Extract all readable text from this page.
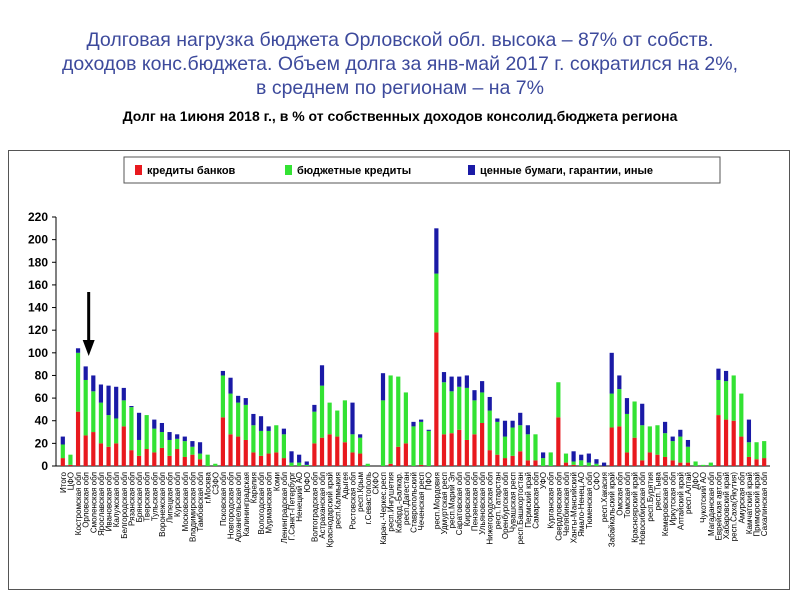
Долговая нагрузка бюджета Орловской обл. высока – 87% от собств.
доходов конс.бюджета. Объем долга за янв-май 2017 г. сократился на 2%,
в среднем по регионам – на 7%
Долг на 1июня 2018 г., в % от собственных доходов консолид.бюджета региона
кредиты банков	бюджетные кредиты	ценные бумаги, гарантии, иные
0
20
40
60
80
100
120
140
160
180
200
220
Итого
ЦФО
Костромская обл
Орловская обл
Смоленская обл
Ярославская обл
Ивановская обл
Калужская обл
Белгородская обл
Рязанская обл
Брянская обл
Тверская обл
Тульская обл
Воронежская обл
Липецкая обл
Курская обл
Московская обл
Владимирская обл
Тамбовская обл
г.Москва
СЗФО
Псковская обл
Новгородская обл
Архангельская обл
Калининградская
Карелия
Вологодская обл
Мурманская обл
Коми
Ленинградская обл
Г.Санкт-Петербург
Ненецкий АО
ЮФО
Волгоградская обл
Астраханская обл
Краснодарский край
респ.Калмыкия
Адыгея
Ростовская обл
респ.Крым
г.Севастополь
СКФО
Карач.-Черкес.респ
респ.Ингушетия
Кабард.-Балкар.
респ.Дагестан
Ставропольский
Чеченская респ
ПФО
респ.Мордовия
Удмуртская респ
респ.Марий Эл
Саратовская обл
Кировская обл
Пензенская обл
Ульяновская обл
Нижегородская обл
респ.Татарстан
Оренбургская обл
Чувашская респ
респ.Башкортостан
Пермский край
Самарская обл
УФО
Курганская обл
Свердловская обл
Челябинская обл
Ханты-Мансийский
Ямало-Ненец.АО
Тюменская обл
СФО
респ.Хакасия
Забайкальский край
Омская обл
Томская обл
Красноярский край
Новосибирская обл
респ.Бурятия
респ.Тыва
Кемеровская обл
Иркутская обл
Алтайский край
респ.Алтай
ДФО
Чукотский АО
Магаданская обл
Еврейская авт.обл
Хабаровский край
респ.Саха(Якутия)
Амурская обл
Камчатский край
Приморский край
Сахалинская обл
